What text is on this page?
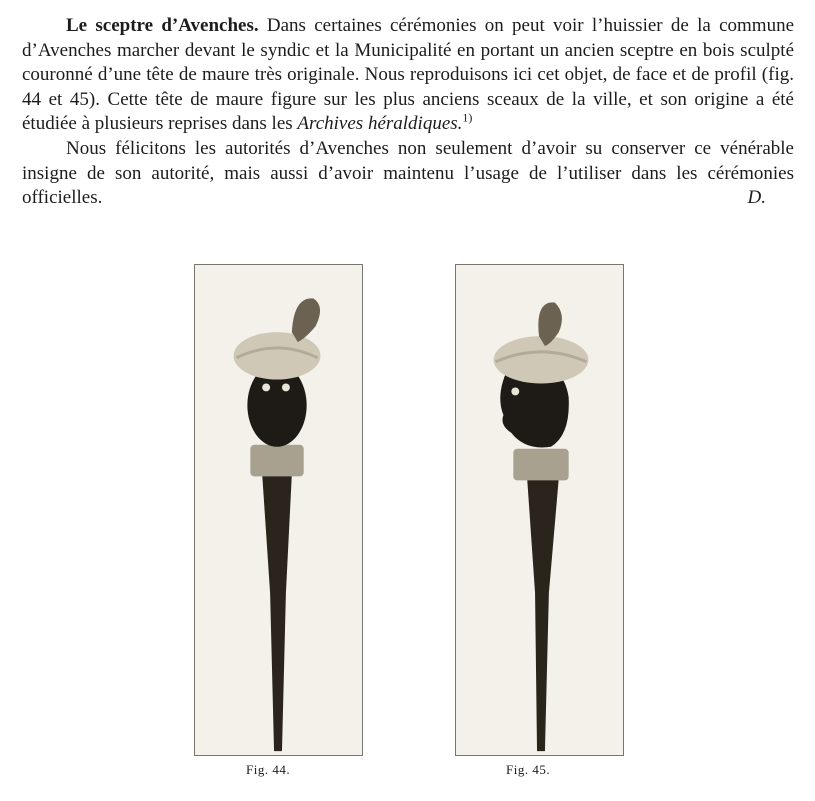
Le sceptre d’Avenches. Dans certaines cérémonies on peut voir l’huissier de la commune d’Avenches marcher devant le syndic et la Municipalité en portant un ancien sceptre en bois sculpté couronné d’une tête de maure très originale. Nous reproduisons ici cet objet, de face et de profil (fig. 44 et 45). Cette tête de maure figure sur les plus anciens sceaux de la ville, et son origine a été étudiée à plusieurs reprises dans les Archives héraldiques.$^{1)}$

Nous félicitons les autorités d’Avenches non seulement d’avoir su conserver ce vénérable insigne de son autorité, mais aussi d’avoir maintenu l’usage de l’utiliser dans les cérémonies officielles.	D.

Fig. 44.	Fig. 45.
